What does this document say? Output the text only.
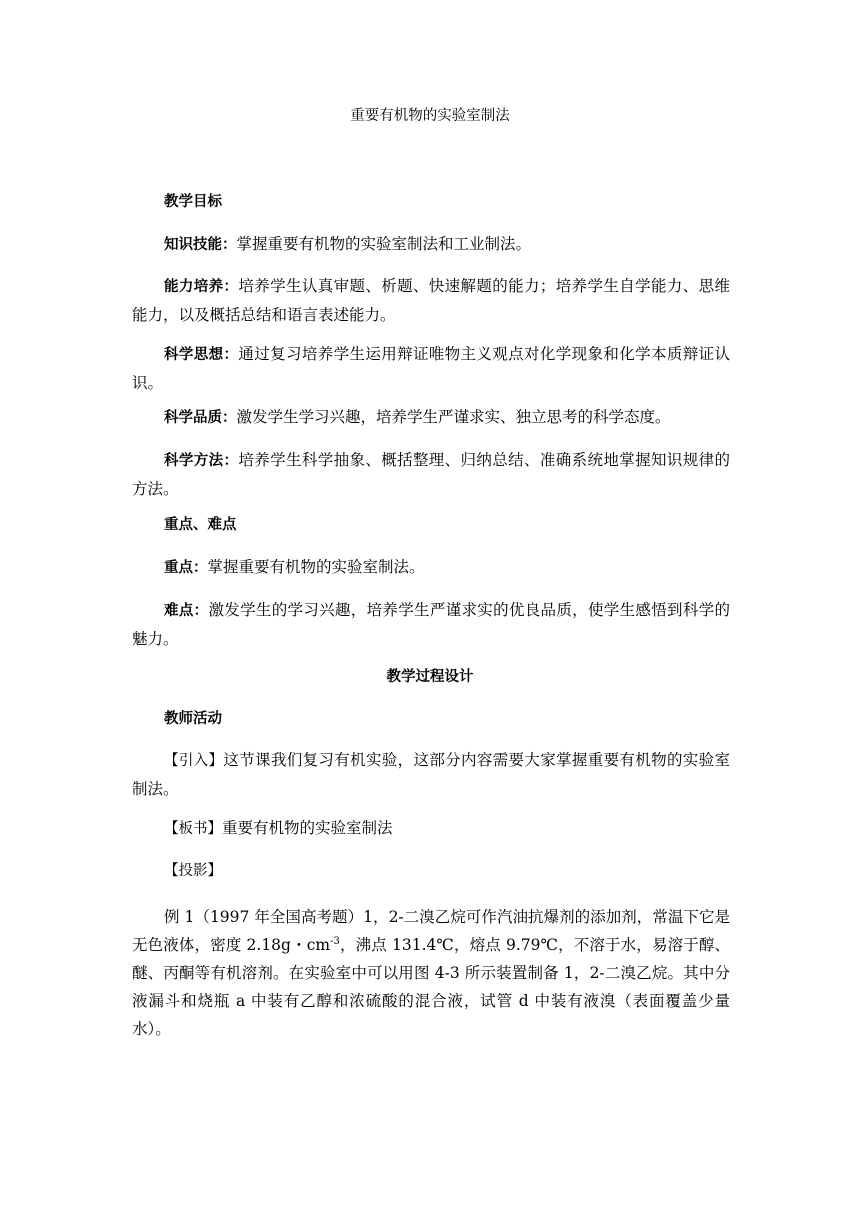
重要有机物的实验室制法
教学目标
知识技能：掌握重要有机物的实验室制法和工业制法。
能力培养：培养学生认真审题、析题、快速解题的能力；培养学生自学能力、思维能力，以及概括总结和语言表述能力。
科学思想：通过复习培养学生运用辩证唯物主义观点对化学现象和化学本质辩证认识。
科学品质：激发学生学习兴趣，培养学生严谨求实、独立思考的科学态度。
科学方法：培养学生科学抽象、概括整理、归纳总结、准确系统地掌握知识规律的方法。
重点、难点
重点：掌握重要有机物的实验室制法。
难点：激发学生的学习兴趣，培养学生严谨求实的优良品质，使学生感悟到科学的魅力。
教学过程设计
教师活动
【引入】这节课我们复习有机实验，这部分内容需要大家掌握重要有机物的实验室制法。
【板书】重要有机物的实验室制法
【投影】
例 1（1997 年全国高考题）1，2-二溴乙烷可作汽油抗爆剂的添加剂，常温下它是无色液体，密度 2.18g・$cm^{-3}$，沸点 131.4℃，熔点 9.79℃，不溶于水，易溶于醇、醚、丙酮等有机溶剂。在实验室中可以用图 4-3 所示装置制备 1，2-二溴乙烷。其中分液漏斗和烧瓶 a 中装有乙醇和浓硫酸的混合液，试管 d 中装有液溴（表面覆盖少量水）。
